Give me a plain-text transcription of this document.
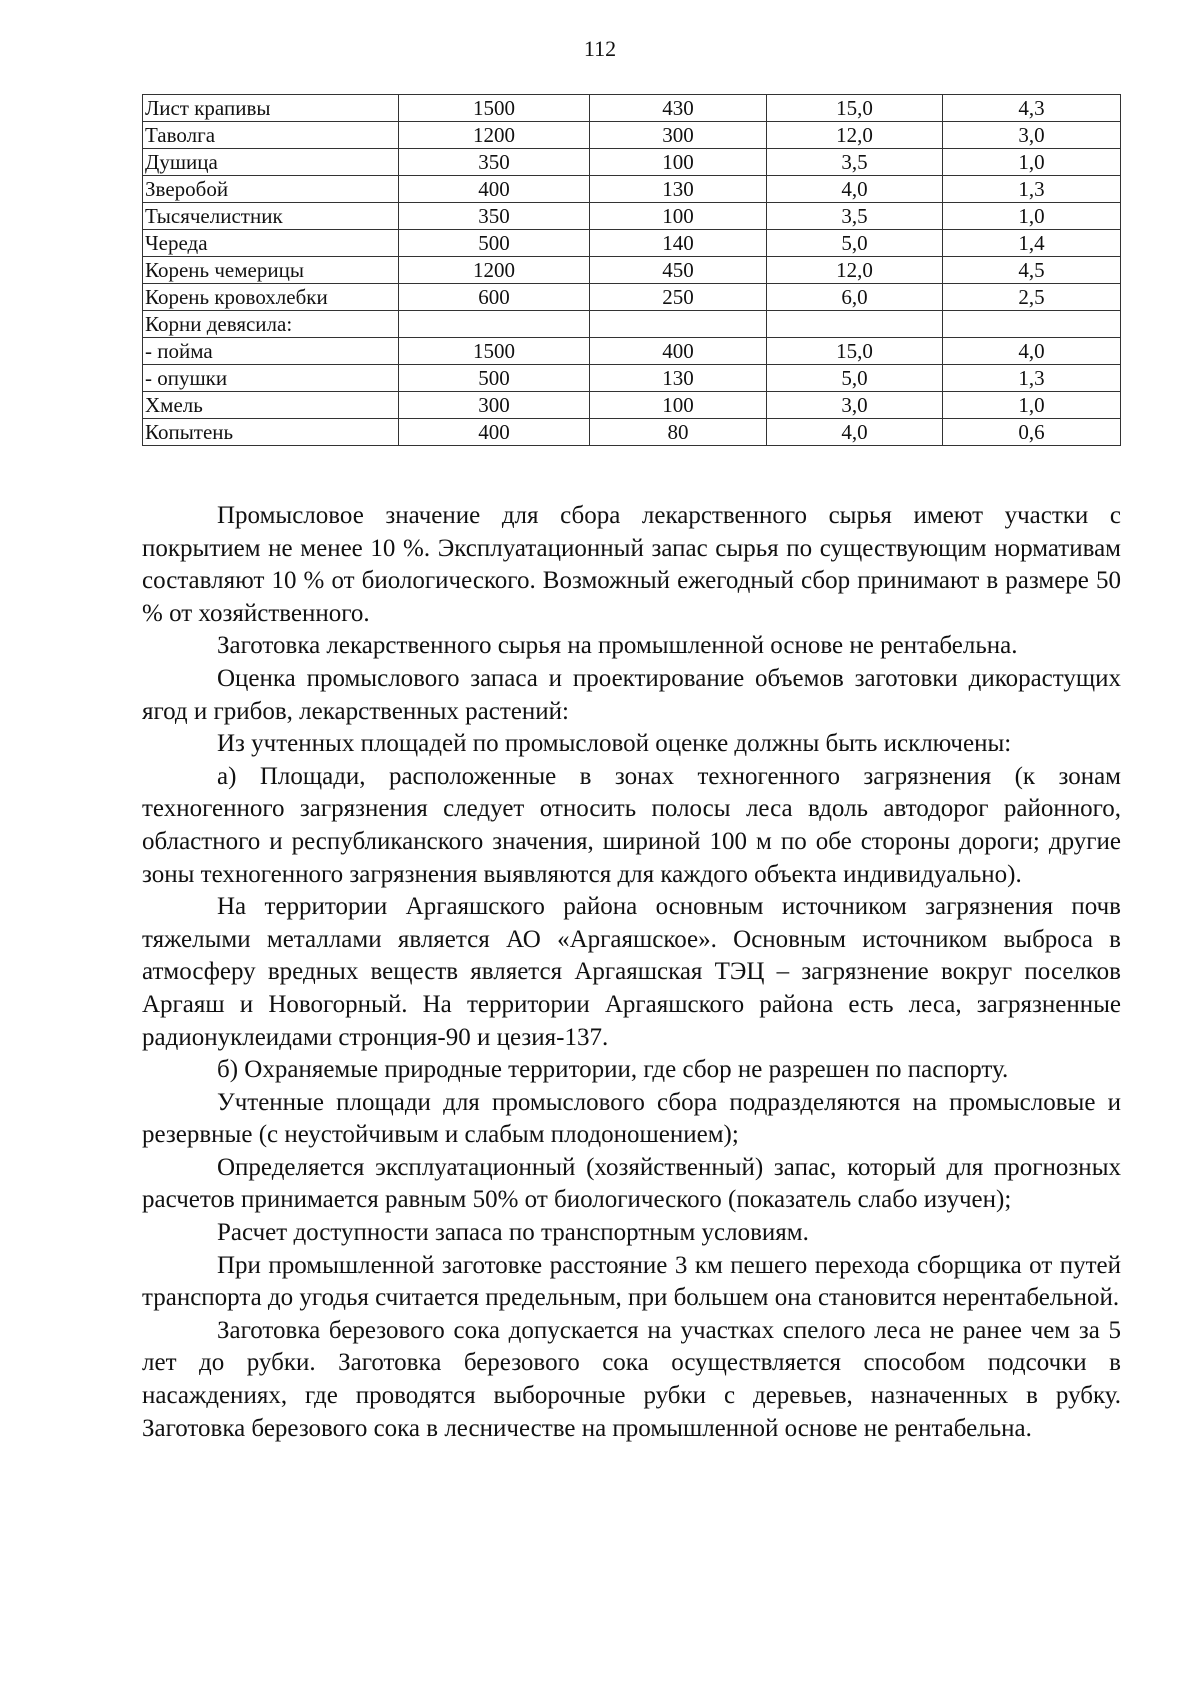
112
Лист крапивы	1500	430	15,0	4,3
Таволга	1200	300	12,0	3,0
Душица	350	100	3,5	1,0
Зверобой	400	130	4,0	1,3
Тысячелистник	350	100	3,5	1,0
Череда	500	140	5,0	1,4
Корень чемерицы	1200	450	12,0	4,5
Корень кровохлебки	600	250	6,0	2,5
Корни девясила:				
- пойма	1500	400	15,0	4,0
- опушки	500	130	5,0	1,3
Хмель	300	100	3,0	1,0
Копытень	400	80	4,0	0,6

Промысловое значение для сбора лекарственного сырья имеют участки с покрытием не менее 10 %. Эксплуатационный запас сырья по существующим нормативам составляют 10 % от биологического. Возможный ежегодный сбор принимают в размере 50 % от хозяйственного.

Заготовка лекарственного сырья на промышленной основе не рентабельна.

Оценка промыслового запаса и проектирование объемов заготовки дикорастущих ягод и грибов, лекарственных растений:

Из учтенных площадей по промысловой оценке должны быть исключены:

а) Площади, расположенные в зонах техногенного загрязнения (к зонам техногенного загрязнения следует относить полосы леса вдоль автодорог районного, областного и республиканского значения, шириной 100 м по обе стороны дороги; другие зоны техногенного загрязнения выявляются для каждого объекта индивидуально).

На территории Аргаяшского района основным источником загрязнения почв тяжелыми металлами является АО «Аргаяшское». Основным источником выброса в атмосферу вредных веществ является Аргаяшская ТЭЦ – загрязнение вокруг поселков Аргаяш и Новогорный. На территории Аргаяшского района есть леса, загрязненные радионуклеидами стронция-90 и цезия-137.

б) Охраняемые природные территории, где сбор не разрешен по паспорту.

Учтенные площади для промыслового сбора подразделяются на промысловые и резервные (с неустойчивым и слабым плодоношением);

Определяется эксплуатационный (хозяйственный) запас, который для прогнозных расчетов принимается равным 50% от биологического (показатель слабо изучен);

Расчет доступности запаса по транспортным условиям.

При промышленной заготовке расстояние 3 км пешего перехода сборщика от путей транспорта до угодья считается предельным, при большем она становится нерентабельной.

Заготовка березового сока допускается на участках спелого леса не ранее чем за 5 лет до рубки. Заготовка березового сока осуществляется способом подсочки в насаждениях, где проводятся выборочные рубки с деревьев, назначенных в рубку. Заготовка березового сока в лесничестве на промышленной основе не рентабельна.
